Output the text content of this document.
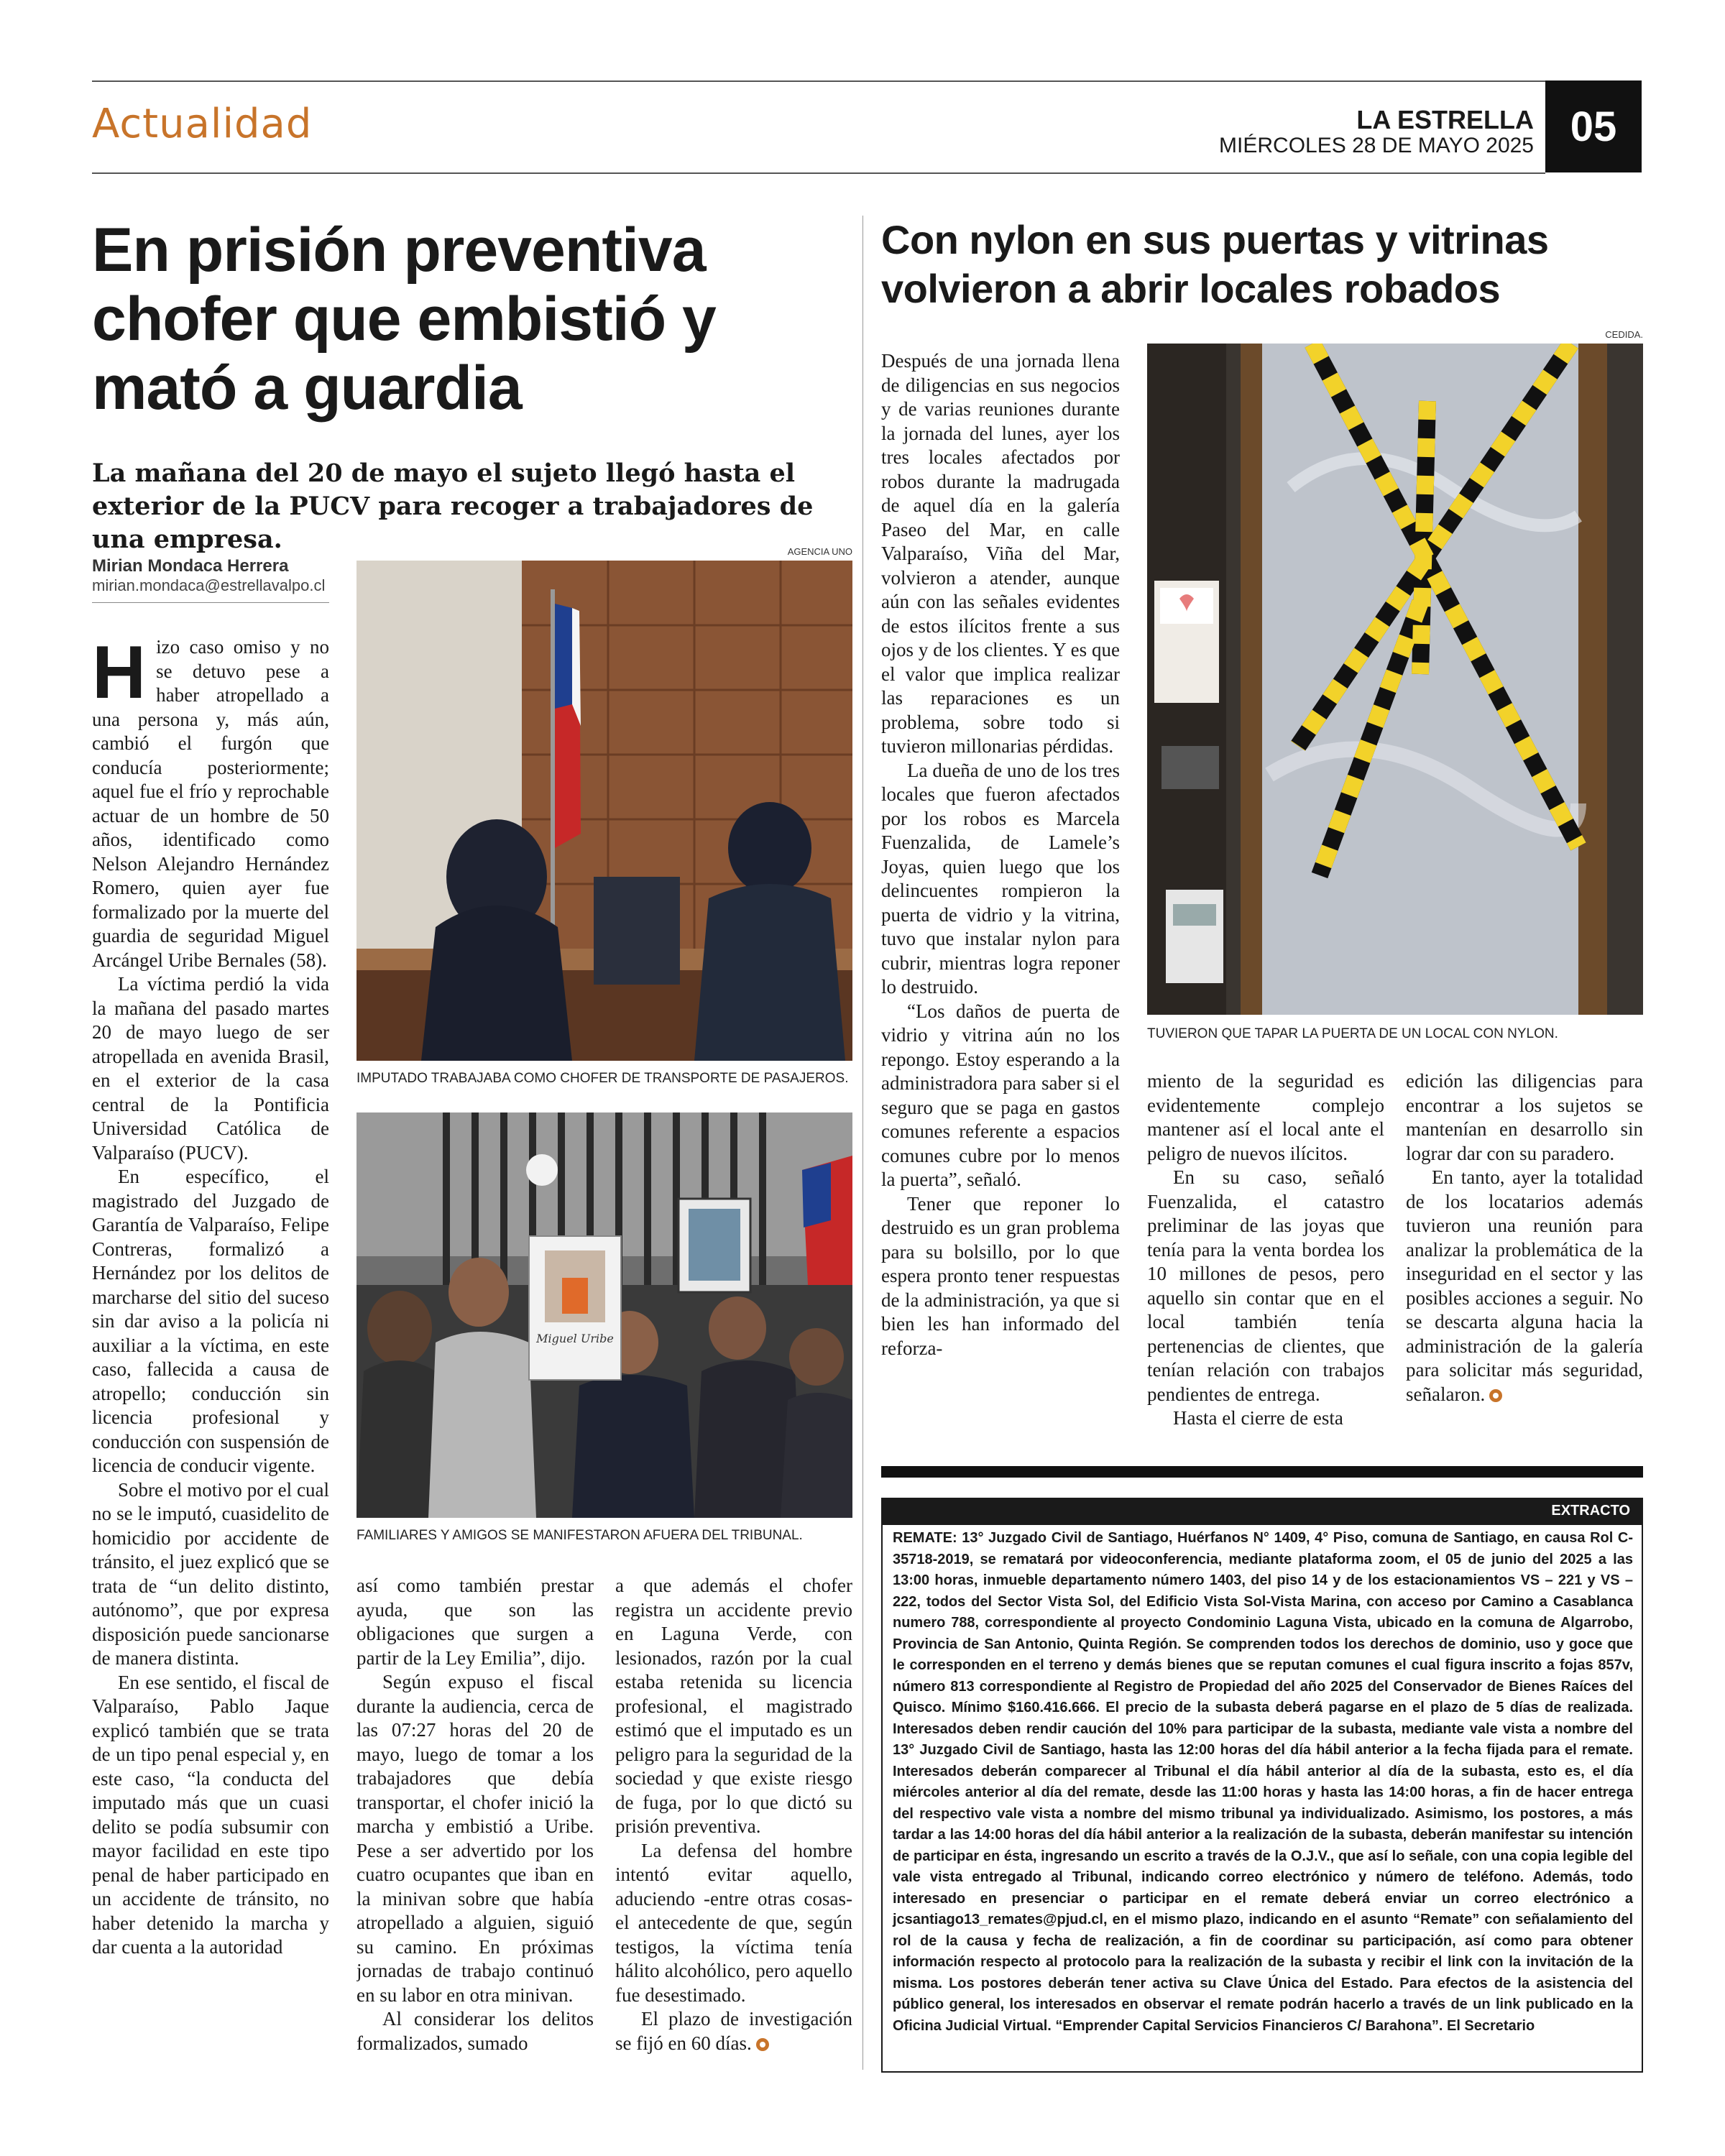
Actualidad	LA ESTRELLA
MIÉRCOLES 28 DE MAYO 2025 05
En prisión preventiva chofer que embistió y mató a guardia
La mañana del 20 de mayo el sujeto llegó hasta el exterior de la PUCV para recoger a trabajadores de una empresa.
Mirian Mondaca Herrera
mirian.mondaca@estrellavalpo.cl
AGENCIA UNO
IMPUTADO TRABAJABA COMO CHOFER DE TRANSPORTE DE PASAJEROS.
Miguel Uribe
FAMILIARES Y AMIGOS SE MANIFESTARON AFUERA DEL TRIBUNAL.

Hizo caso omiso y no se detuvo pese a haber atropellado a una persona y, más aún, cambió el furgón que conducía posteriormente; aquel fue el frío y reprochable actuar de un hombre de 50 años, identificado como Nelson Alejandro Hernández Romero, quien ayer fue formalizado por la muerte del guardia de seguridad Miguel Arcángel Uribe Bernales (58).

La víctima perdió la vida la mañana del pasado martes 20 de mayo luego de ser atropellada en avenida Brasil, en el exterior de la casa central de la Pontificia Universidad Católica de Valparaíso (PUCV).

En específico, el magistrado del Juzgado de Garantía de Valparaíso, Felipe Contreras, formalizó a Hernández por los delitos de marcharse del sitio del suceso sin dar aviso a la policía ni auxiliar a la víctima, en este caso, fallecida a causa de atropello; conducción sin licencia profesional y conducción con suspensión de licencia de conducir vigente.

Sobre el motivo por el cual no se le imputó, cuasidelito de homicidio por accidente de tránsito, el juez explicó que se trata de “un delito distinto, autónomo”, que por expresa disposición puede sancionarse de manera distinta.

En ese sentido, el fiscal de Valparaíso, Pablo Jaque explicó también que se trata de un tipo penal especial y, en este caso, “la conducta del imputado más que un cuasi delito se podía subsumir con mayor facilidad en este tipo penal de haber participado en un accidente de tránsito, no haber detenido la marcha y dar cuenta a la autoridad

así como también prestar ayuda, que son las obligaciones que surgen a partir de la Ley Emilia”, dijo.

Según expuso el fiscal durante la audiencia, cerca de las 07:27 horas del 20 de mayo, luego de tomar a los trabajadores que debía transportar, el chofer inició la marcha y embistió a Uribe. Pese a ser advertido por los cuatro ocupantes que iban en la minivan sobre que había atropellado a alguien, siguió su camino. En próximas jornadas de trabajo continuó en su labor en otra minivan.

Al considerar los delitos formalizados, sumado

a que además el chofer registra un accidente previo en Laguna Verde, con lesionados, razón por la cual estaba retenida su licencia profesional, el magistrado estimó que el imputado es un peligro para la seguridad de la sociedad y que existe riesgo de fuga, por lo que dictó su prisión preventiva.

La defensa del hombre intentó evitar aquello, aduciendo -entre otras cosas- el antecedente de que, según testigos, la víctima tenía hálito alcohólico, pero aquello fue desestimado.

El plazo de investigación se fijó en 60 días.

Con nylon en sus puertas y vitrinas volvieron a abrir locales robados
CEDIDA.
TUVIERON QUE TAPAR LA PUERTA DE UN LOCAL CON NYLON.

Después de una jornada llena de diligencias en sus negocios y de varias reuniones durante la jornada del lunes, ayer los tres locales afectados por robos durante la madrugada de aquel día en la galería Paseo del Mar, en calle Valparaíso, Viña del Mar, volvieron a atender, aunque aún con las señales evidentes de estos ilícitos frente a sus ojos y de los clientes. Y es que el valor que implica realizar las reparaciones es un problema, sobre todo si tuvieron millonarias pérdidas.

La dueña de uno de los tres locales que fueron afectados por los robos es Marcela Fuenzalida, de Lamele’s Joyas, quien luego que los delincuentes rompieron la puerta de vidrio y la vitrina, tuvo que instalar nylon para cubrir, mientras logra reponer lo destruido.

“Los daños de puerta de vidrio y vitrina aún no los repongo. Estoy esperando a la administradora para saber si el seguro que se paga en gastos comunes referente a espacios comunes cubre por lo menos la puerta”, señaló.

Tener que reponer lo destruido es un gran problema para su bolsillo, por lo que espera pronto tener respuestas de la administración, ya que si bien les han informado del reforza-

miento de la seguridad es evidentemente complejo mantener así el local ante el peligro de nuevos ilícitos.

En su caso, señaló Fuenzalida, el catastro preliminar de las joyas que tenía para la venta bordea los 10 millones de pesos, pero aquello sin contar que en el local también tenía pertenencias de clientes, que tenían relación con trabajos pendientes de entrega.

Hasta el cierre de esta

edición las diligencias para encontrar a los sujetos se mantenían en desarrollo sin lograr dar con su paradero.

En tanto, ayer la totalidad de los locatarios además tuvieron una reunión para analizar la problemática de la inseguridad en el sector y las posibles acciones a seguir. No se descarta alguna hacia la administración de la galería para solicitar más seguridad, señalaron.

EXTRACTO
REMATE: 13° Juzgado Civil de Santiago, Huérfanos N° 1409, 4° Piso, comuna de Santiago, en causa Rol C-35718-2019, se rematará por videoconferencia, mediante plataforma zoom, el 05 de junio del 2025 a las 13:00 horas, inmueble departamento número 1403, del piso 14 y de los estacionamientos VS – 221 y VS – 222, todos del Sector Vista Sol, del Edificio Vista Sol-Vista Marina, con acceso por Camino a Casablanca numero 788, correspondiente al proyecto Condominio Laguna Vista, ubicado en la comuna de Algarrobo, Provincia de San Antonio, Quinta Región. Se comprenden todos los derechos de dominio, uso y goce que le corresponden en el terreno y demás bienes que se reputan comunes el cual figura inscrito a fojas 857v, número 813 correspondiente al Registro de Propiedad del año 2025 del Conservador de Bienes Raíces del Quisco. Mínimo $160.416.666. El precio de la subasta deberá pagarse en el plazo de 5 días de realizada. Interesados deben rendir caución del 10% para participar de la subasta, mediante vale vista a nombre del 13° Juzgado Civil de Santiago, hasta las 12:00 horas del día hábil anterior a la fecha fijada para el remate. Interesados deberán comparecer al Tribunal el día hábil anterior al día de la subasta, esto es, el día miércoles anterior al día del remate, desde las 11:00 horas y hasta las 14:00 horas, a fin de hacer entrega del respectivo vale vista a nombre del mismo tribunal ya individualizado. Asimismo, los postores, a más tardar a las 14:00 horas del día hábil anterior a la realización de la subasta, deberán manifestar su intención de participar en ésta, ingresando un escrito a través de la O.J.V., que así lo señale, con una copia legible del vale vista entregado al Tribunal, indicando correo electrónico y número de teléfono. Además, todo interesado en presenciar o participar en el remate deberá enviar un correo electrónico a jcsantiago13_remates@pjud.cl, en el mismo plazo, indicando en el asunto “Remate” con señalamiento del rol de la causa y fecha de realización, a fin de coordinar su participación, así como para obtener información respecto al protocolo para la realización de la subasta y recibir el link con la invitación de la misma. Los postores deberán tener activa su Clave Única del Estado. Para efectos de la asistencia del público general, los interesados en observar el remate podrán hacerlo a través de un link publicado en la Oficina Judicial Virtual. “Emprender Capital Servicios Financieros C/ Barahona”. El Secretario
